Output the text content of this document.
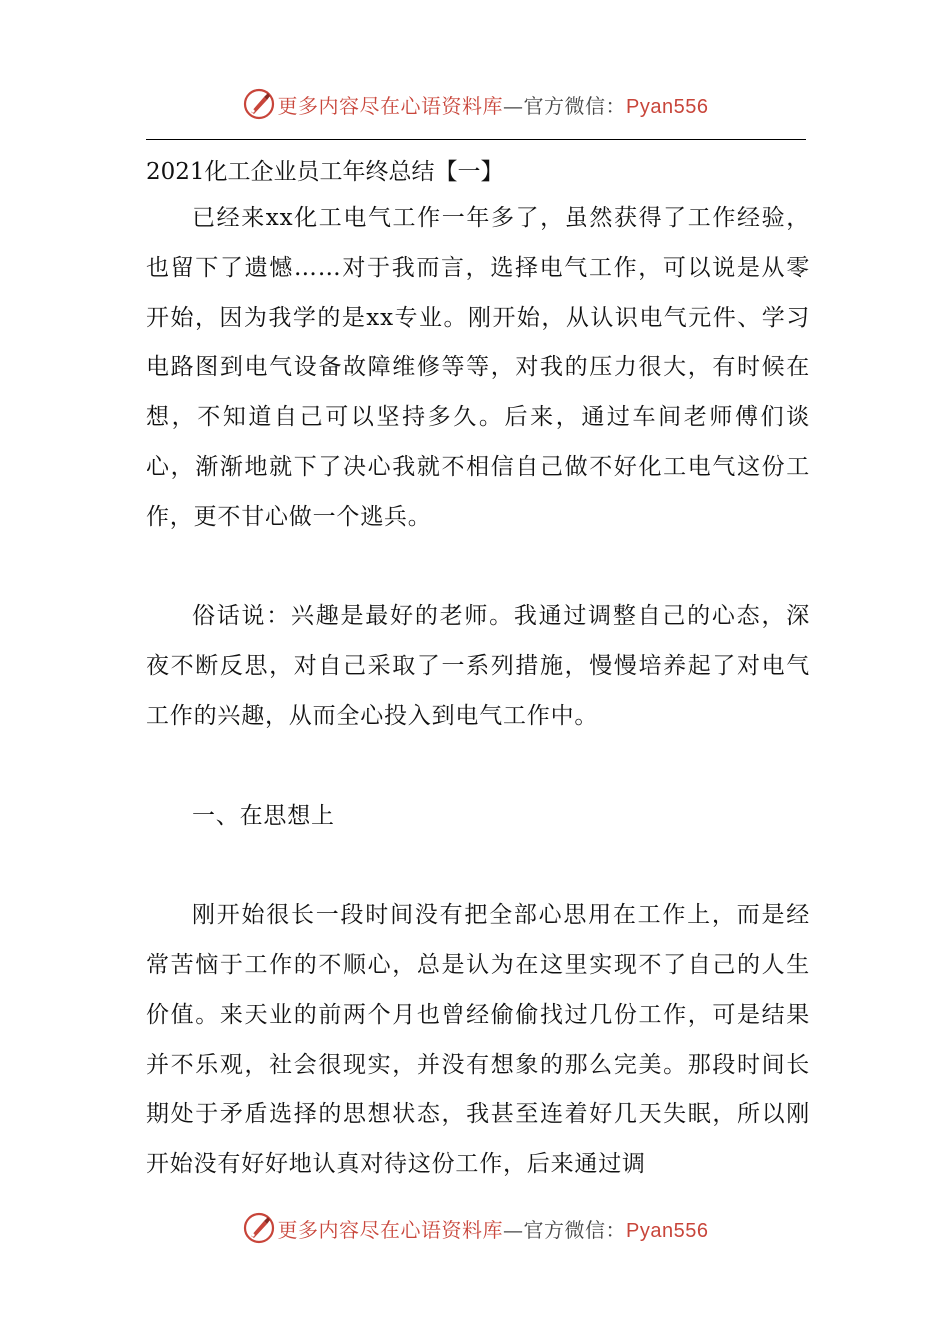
更多内容尽在心语资料库—官方微信：Pyan556

2021化工企业员工年终总结【一】

已经来xx化工电气工作一年多了，虽然获得了工作经验，也留下了遗憾……对于我而言，选择电气工作，可以说是从零开始，因为我学的是xx专业。刚开始，从认识电气元件、学习电路图到电气设备故障维修等等，对我的压力很大，有时候在想，不知道自己可以坚持多久。后来，通过车间老师傅们谈心，渐渐地就下了决心我就不相信自己做不好化工电气这份工作，更不甘心做一个逃兵。

俗话说：兴趣是最好的老师。我通过调整自己的心态，深夜不断反思，对自己采取了一系列措施，慢慢培养起了对电气工作的兴趣，从而全心投入到电气工作中。

一、在思想上

刚开始很长一段时间没有把全部心思用在工作上，而是经常苦恼于工作的不顺心，总是认为在这里实现不了自己的人生价值。来天业的前两个月也曾经偷偷找过几份工作，可是结果并不乐观，社会很现实，并没有想象的那么完美。那段时间长期处于矛盾选择的思想状态，我甚至连着好几天失眠，所以刚开始没有好好地认真对待这份工作，后来通过调

更多内容尽在心语资料库—官方微信：Pyan556
